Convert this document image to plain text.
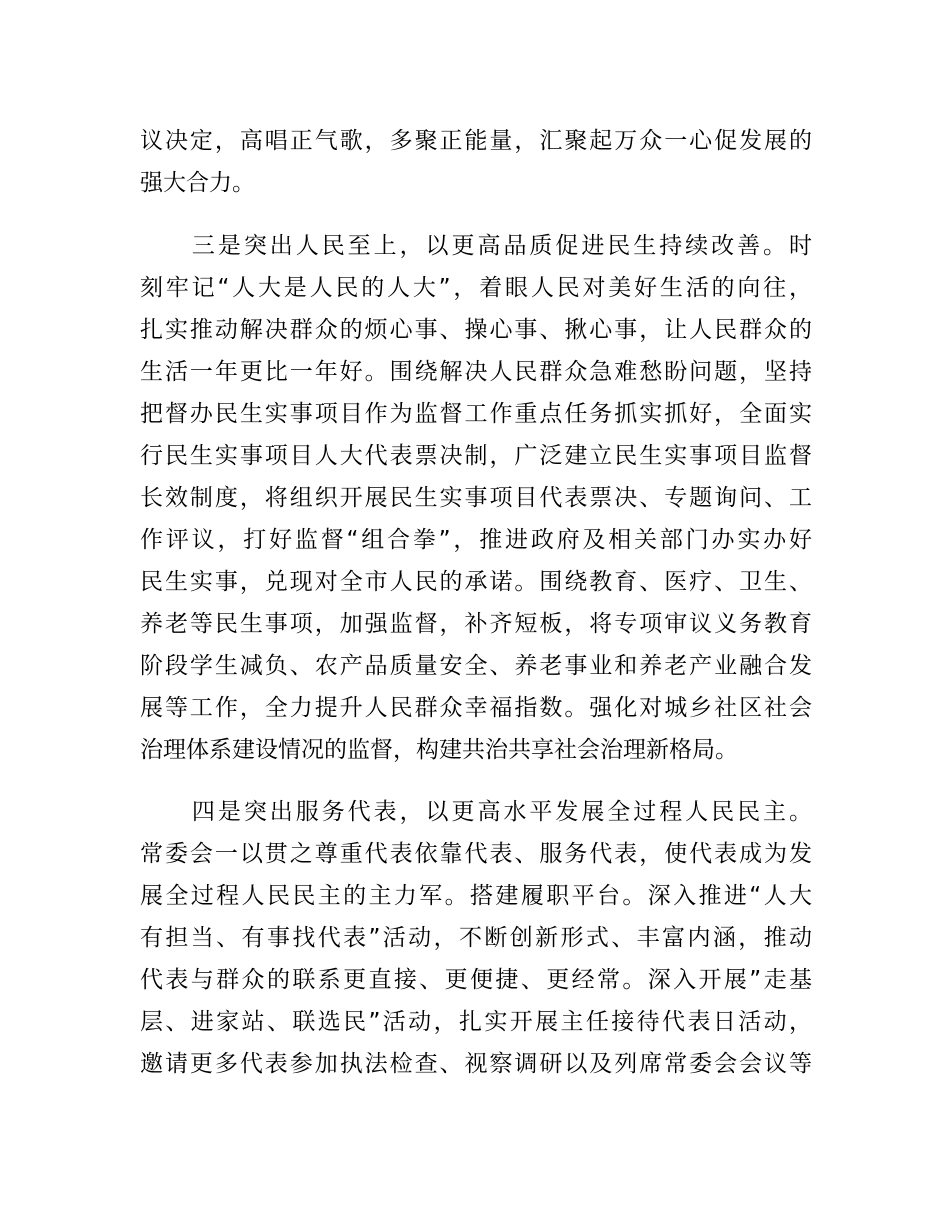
议决定，高唱正气歌，多聚正能量，汇聚起万众一心促发展的
强大合力。
　　三是突出人民至上，以更高品质促进民生持续改善。时
刻牢记“人大是人民的人大”，着眼人民对美好生活的向往，
扎实推动解决群众的烦心事、操心事、揪心事，让人民群众的
生活一年更比一年好。围绕解决人民群众急难愁盼问题，坚持
把督办民生实事项目作为监督工作重点任务抓实抓好，全面实
行民生实事项目人大代表票决制，广泛建立民生实事项目监督
长效制度，将组织开展民生实事项目代表票决、专题询问、工
作评议，打好监督“组合拳”，推进政府及相关部门办实办好
民生实事，兑现对全市人民的承诺。围绕教育、医疗、卫生、
养老等民生事项，加强监督，补齐短板，将专项审议义务教育
阶段学生减负、农产品质量安全、养老事业和养老产业融合发
展等工作，全力提升人民群众幸福指数。强化对城乡社区社会
治理体系建设情况的监督，构建共治共享社会治理新格局。
　　四是突出服务代表，以更高水平发展全过程人民民主。
常委会一以贯之尊重代表依靠代表、服务代表，使代表成为发
展全过程人民民主的主力军。搭建履职平台。深入推进“人大
有担当、有事找代表”活动，不断创新形式、丰富内涵，推动
代表与群众的联系更直接、更便捷、更经常。深入开展”走基
层、进家站、联选民”活动，扎实开展主任接待代表日活动，
邀请更多代表参加执法检查、视察调研以及列席常委会会议等
